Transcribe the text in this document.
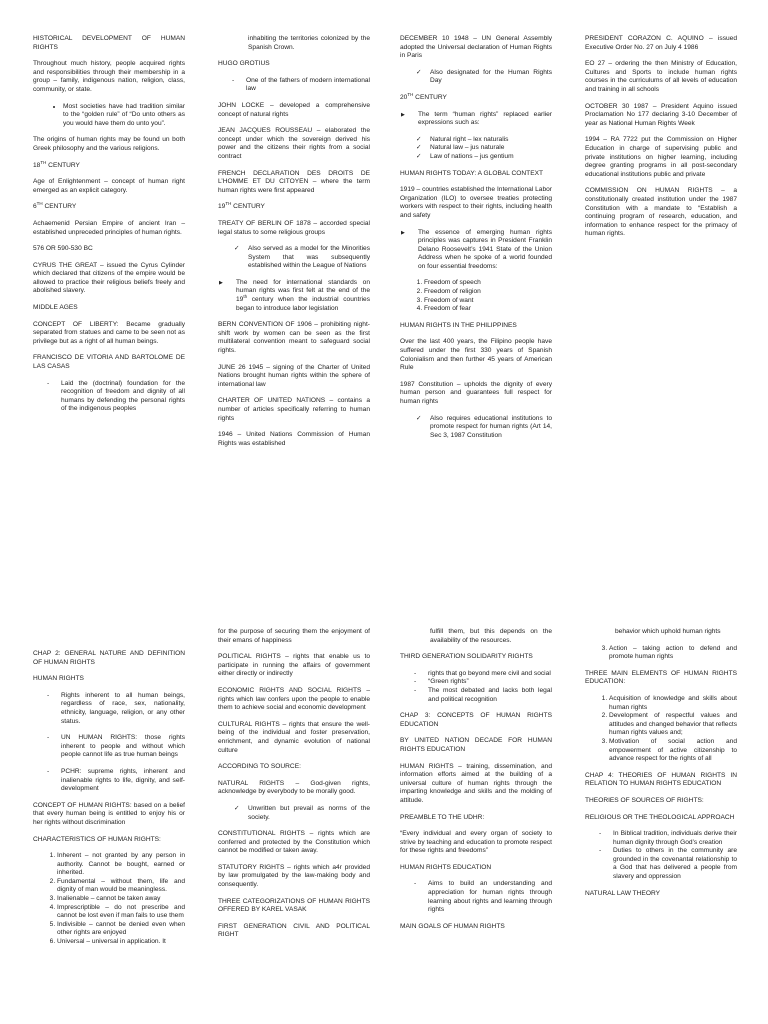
HISTORICAL DEVELOPMENT OF HUMAN RIGHTS

Throughout much history, people acquired rights and responsibilities through their membership in a group – family, indigenous nation, religion, class, community, or state.

• Most societies have had tradition similar to the “golden rule” of “Do unto others as you would have them do unto you”.

The origins of human rights may be found un both Greek philosophy and the various religions.

18TH CENTURY

Age of Enlightenment – concept of human right emerged as an explicit category.

6TH CENTURY

Achaemenid Persian Empire of ancient Iran – established unpreceded principles of human rights.

576 OR 590-530 BC

CYRUS THE GREAT – issued the Cyrus Cylinder which declared that citizens of the empire would be allowed to practice their religious beliefs freely and abolished slavery.

MIDDLE AGES

CONCEPT OF LIBERTY: Became gradually separated from statues and came to be seen not as privilege but as a right of all human beings.

FRANCISCO DE VITORIA AND BARTOLOME DE LAS CASAS

- Laid the (doctrinal) foundation for the recognition of freedom and dignity of all humans by defending the personal rights of the indigenous peoples

inhabiting the territories colonized by the Spanish Crown.

HUGO GROTIUS

- One of the fathers of modern international law

JOHN LOCKE – developed a comprehensive concept of natural rights

JEAN JACQUES ROUSSEAU – elaborated the concept under which the sovereign derived his power and the citizens their rights from a social contract

FRENCH DECLARATION DES DROITS DE L’HOMME ET DU CITOYEN – where the term human rights were first appeared

19TH CENTURY

TREATY OF BERLIN OF 1878 – accorded special legal status to some religious groups

✓ Also served as a model for the Minorities System that was subsequently established within the League of Nations
▶ The need for international standards on human rights was first felt at the end of the 19th century when the industrial countries began to introduce labor legislation

BERN CONVENTION OF 1906 – prohibiting night-shift work by women can be seen as the first multilateral convention meant to safeguard social rights.

JUNE 26 1945 – signing of the Charter of United Nations brought human rights within the sphere of international law

CHARTER OF UNITED NATIONS – contains a number of articles specifically referring to human rights

1946 – United Nations Commission of Human Rights was established

DECEMBER 10 1948 – UN General Assembly adopted the Universal declaration of Human Rights in Paris

✓ Also designated for the Human Rights Day

20TH CENTURY

▶ The term “human rights” replaced earlier expressions such as:
✓ Natural right – lex naturalis
✓ Natural law – jus naturale
✓ Law of nations – jus gentium

HUMAN RIGHTS TODAY: A GLOBAL CONTEXT

1919 – countries established the International Labor Organization (ILO) to oversee treaties protecting workers with respect to their rights, including health and safety

▶ The essence of emerging human rights principles was captures in President Franklin Delano Roosevelt’s 1941 State of the Union Address when he spoke of a world founded on four essential freedoms:
1. Freedom of speech
2. Freedom of religion
3. Freedom of want
4. Freedom of fear

HUMAN RIGHTS IN THE PHILIPPINES

Over the last 400 years, the Filipino people have suffered under the first 330 years of Spanish Colonialism and then further 45 years of American Rule

1987 Constitution – upholds the dignity of every human person and guarantees full respect for human rights

✓ Also requires educational institutions to promote respect for human rights (Art 14, Sec 3, 1987 Constitution

PRESIDENT CORAZON C. AQUINO – issued Executive Order No. 27 on July 4 1986

EO 27 – ordering the then Ministry of Education, Cultures and Sports to include human rights courses in the curriculums of all levels of education and training in all schools

OCTOBER 30 1987 – President Aquino issued Proclamation No 177 declaring 3-10 December of year as National Human Rights Week

1994 – RA 7722 put the Commission on Higher Education in charge of supervising public and private institutions on higher learning, including degree granting programs in all post-secondary educational institutions public and private

COMMISSION ON HUMAN RIGHTS – a constitutionally created institution under the 1987 Constitution with a mandate to “Establish a continuing program of research, education, and information to enhance respect for the primacy of human rights.

CHAP 2: GENERAL NATURE AND DEFINITION OF HUMAN RIGHTS

HUMAN RIGHTS

- Rights inherent to all human beings, regardless of race, sex, nationality, ethnicity, language, religion, or any other status.
- UN HUMAN RIGHTS: those rights inherent to people and without which people cannot life as true human beings
- PCHR: supreme rights, inherent and inalienable rights to life, dignity, and self-development

CONCEPT OF HUMAN RIGHTS: based on a belief that every human being is entitled to enjoy his or her rights without discrimination

CHARACTERISTICS OF HUMAN RIGHTS:

1. Inherent – not granted by any person in authority. Cannot be bought, earned or inherited.
2. Fundamental – without them, life and dignity of man would be meaningless.
3. Inalienable – cannot be taken away
4. Imprescriptible – do not prescribe and cannot be lost even if man fails to use them
5. Indivisible – cannot be denied even when other rights are enjoyed
6. Universal – universal in application. It

for the purpose of securing them the enjoyment of their emans of happiness

POLITICAL RIGHTS – rights that enable us to participate in running the affairs of government either directly or indirectly

ECONOMIC RIGHTS AND SOCIAL RIGHTS – rights which law confers upon the people to enable them to achieve social and economic development

CULTURAL RIGHTS – rights that ensure the well-being of the individual and foster preservation, enrichment, and dynamic evolution of national culture

ACCORDING TO SOURCE:

NATURAL RIGHTS – God-given rights, acknowledge by everybody to be morally good.

✓ Unwritten but prevail as norms of the society.

CONSTITUTIONAL RIGHTS – rights which are conferred and protected by the Constitution which cannot be modified or taken away.

STATUTORY RIGHTS – rights which a4r provided by law promulgated by the law-making body and consequently.

THREE CATEGORIZATIONS OF HUMAN RIGHTS OFFERED BY KAREL VASAK

FIRST GENERATION CIVIL AND POLITICAL RIGHT

fulfill them, but this depends on the availability of the resources.

THIRD GENERATION SOLIDARITY RIGHTS

- rights that go beyond mere civil and social
- “Green rights”
- The most debated and lacks both legal and political recognition

CHAP 3: CONCEPTS OF HUMAN RIGHTS EDUCATION

BY UNITED NATION DECADE FOR HUMAN RIGHTS EDUCATION

HUMAN RIGHTS – training, dissemination, and information efforts aimed at the building of a universal culture of human rights through the imparting knowledge and skills and the molding of attitude.

PREAMBLE TO THE UDHR:

“Every individual and every organ of society to strive by teaching and education to promote respect for these rights and freedoms”

HUMAN RIGHTS EDUCATION

- Aims to build an understanding and appreciation for human rights through learning about rights and learning through rights

MAIN GOALS OF HUMAN RIGHTS

behavior which uphold human rights

3. Action – taking action to defend and promote human rights

THREE MAIN ELEMENTS OF HUMAN RIGHTS EDUCATION:

1. Acquisition of knowledge and skills about human rights
2. Development of respectful values and attitudes and changed behavior that reflects human rights values and;
3. Motivation of social action and empowerment of active citizenship to advance respect for the rights of all

CHAP 4: THEORIES OF HUMAN RIGHTS IN RELATION TO HUMAN RIGHTS EDUCATION

THEORIES OF SOURCES OF RIGHTS:

RELIGIOUS OR THE THEOLOGICAL APPROACH

- In Biblical tradition, individuals derive their human dignity through God’s creation
- Duties to others in the community are grounded in the covenantal relationship to a God that has delivered a people from slavery and oppression

NATURAL LAW THEORY
